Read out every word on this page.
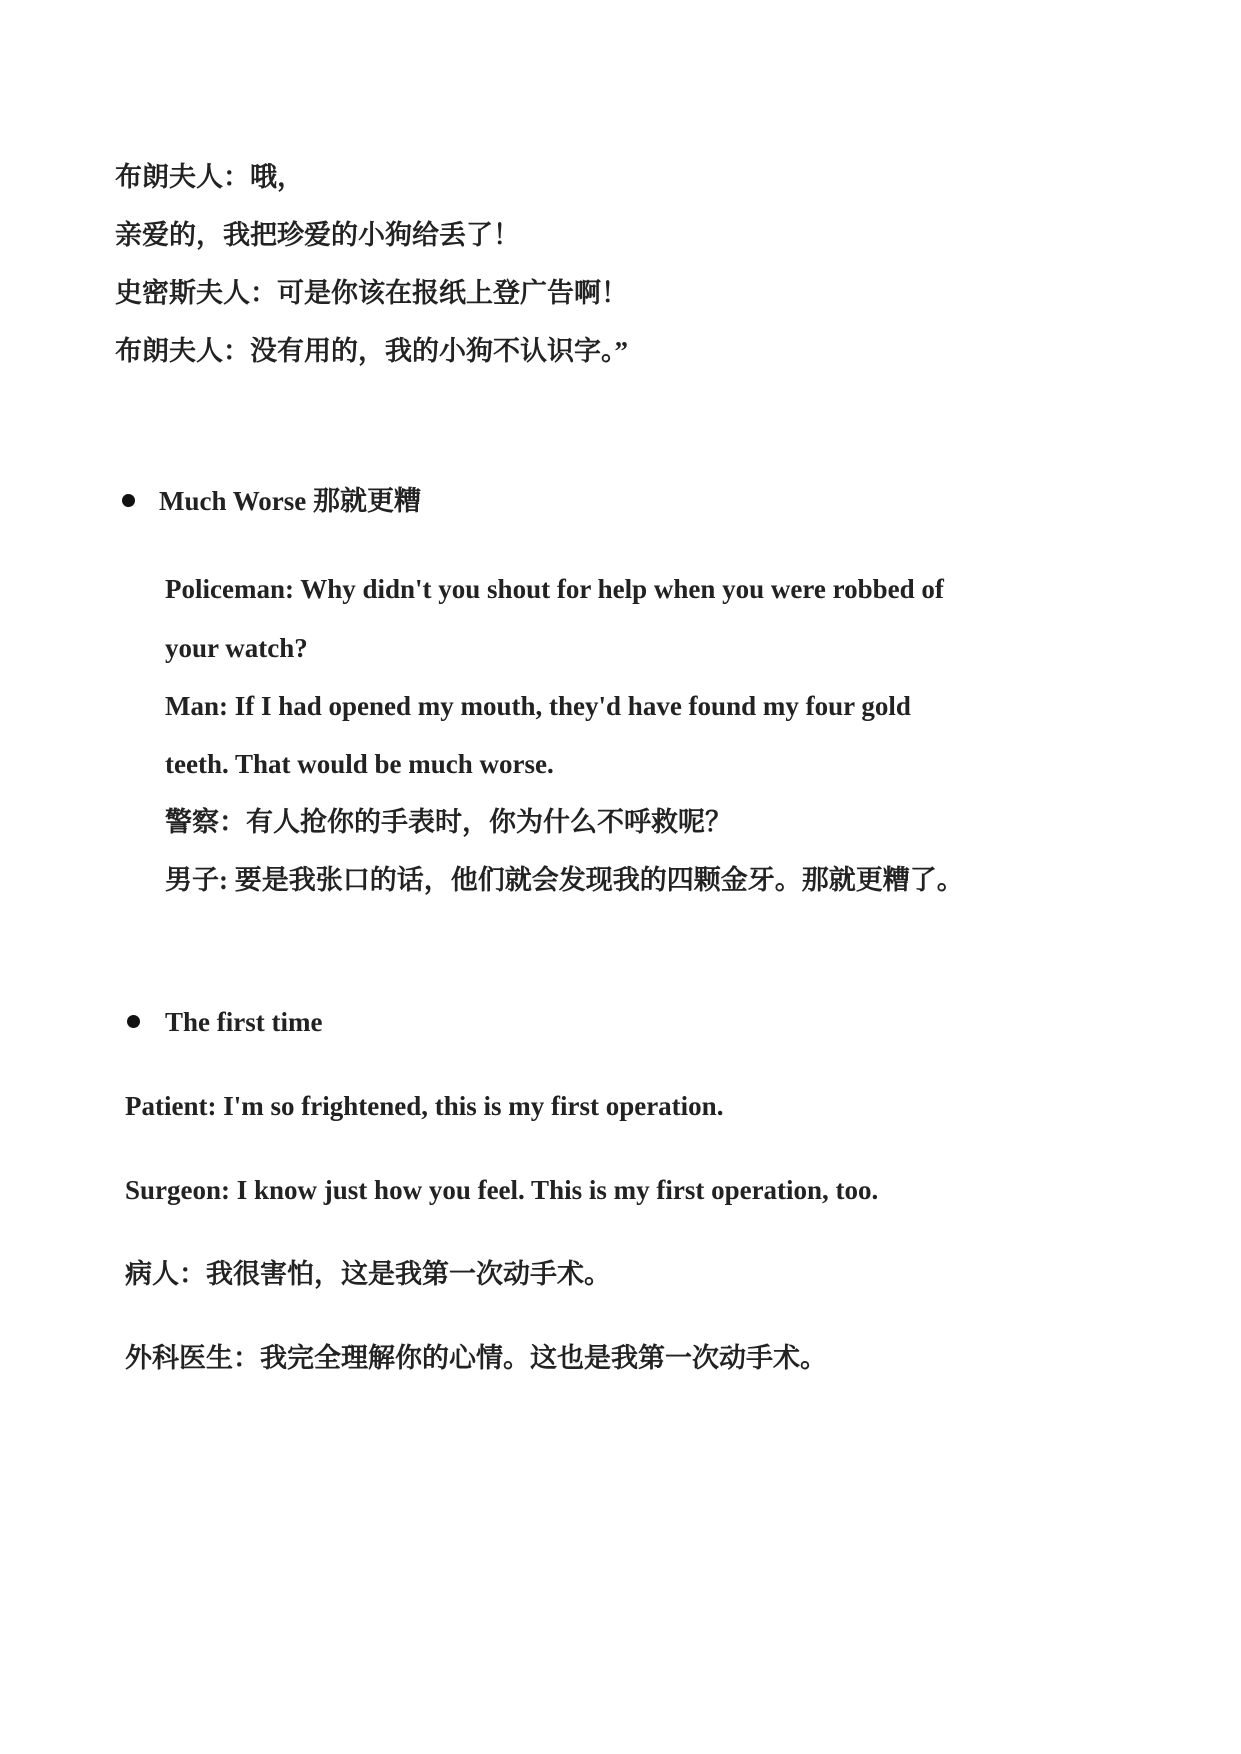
布朗夫人：哦，
亲爱的，我把珍爱的小狗给丢了！
史密斯夫人：可是你该在报纸上登广告啊！
布朗夫人：没有用的，我的小狗不认识字。”
Much Worse 那就更糟
Policeman: Why didn't you shout for help when you were robbed of
your watch?
Man: If I had opened my mouth, they'd have found my four gold
teeth. That would be much worse.
警察：有人抢你的手表时，你为什么不呼救呢？
男子: 要是我张口的话，他们就会发现我的四颗金牙。那就更糟了。
The first time
Patient: I'm so frightened, this is my first operation.
Surgeon: I know just how you feel. This is my first operation, too.
病人：我很害怕，这是我第一次动手术。
外科医生：我完全理解你的心情。这也是我第一次动手术。
